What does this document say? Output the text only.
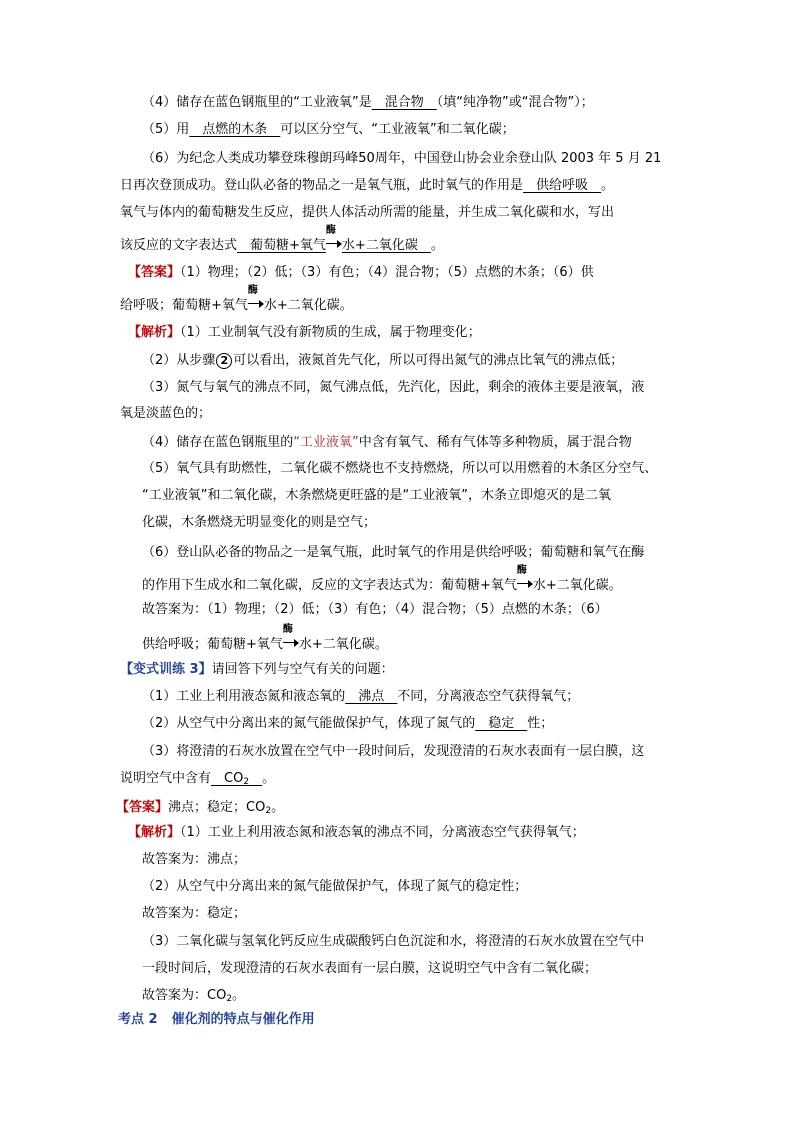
（4）储存在蓝色钢瓶里的“工业液氧”是　混合物　（填“纯净物”或“混合物”）；
（5）用　点燃的木条　可以区分空气、“工业液氧”和二氧化碳；
（6）为纪念人类成功攀登珠穆朗玛峰50周年，中国登山协会业余登山队 2003 年 5 月 21
日再次登顶成功。登山队必备的物品之一是氧气瓶，此时氧气的作用是　供给呼吸　。
氧气与体内的葡萄糖发生反应，提供人体活动所需的能量，并生成二氧化碳和水，写出
该反应的文字表达式　葡萄糖+氧气
酶
水+二氧化碳　。
【答案】（1）物理；（2）低；（3）有色；（4）混合物；（5）点燃的木条；（6）供
给呼吸；葡萄糖+氧气
酶
水+二氧化碳。
【解析】（1）工业制氧气没有新物质的生成，属于物理变化；
（2）从步骤 2 可以看出，液氮首先气化，所以可得出氮气的沸点比氧气的沸点低；
（3）氮气与氧气的沸点不同，氮气沸点低，先汽化，因此，剩余的液体主要是液氧，液
氧是淡蓝色的；
（4）储存在蓝色钢瓶里的“工业液氧”中含有氧气、稀有气体等多种物质，属于混合物
（5）氧气具有助燃性，二氧化碳不燃烧也不支持燃烧，所以可以用燃着的木条区分空气、
“工业液氧”和二氧化碳，木条燃烧更旺盛的是“工业液氧”，木条立即熄灭的是二氧
化碳，木条燃烧无明显变化的则是空气；
（6）登山队必备的物品之一是氧气瓶，此时氧气的作用是供给呼吸；葡萄糖和氧气在酶
的作用下生成水和二氧化碳，反应的文字表达式为：葡萄糖+氧气
酶
水+二氧化碳。
故答案为：（1）物理；（2）低；（3）有色；（4）混合物；（5）点燃的木条；（6）
供给呼吸；葡萄糖+氧气
酶
水+二氧化碳。
【变式训练 3】请回答下列与空气有关的问题：
（1）工业上利用液态氮和液态氧的　沸点　不同，分离液态空气获得氧气；
（2）从空气中分离出来的氮气能做保护气，体现了氮气的　稳定　性；
（3）将澄清的石灰水放置在空气中一段时间后，发现澄清的石灰水表面有一层白膜，这
说明空气中含有　$CO_2$　 。
【答案】沸点；稳定；$CO_2$。
【解析】（1）工业上利用液态氮和液态氧的沸点不同，分离液态空气获得氧气；
故答案为：沸点；
（2）从空气中分离出来的氮气能做保护气，体现了氮气的稳定性；
故答案为：稳定；
（3）二氧化碳与氢氧化钙反应生成碳酸钙白色沉淀和水，将澄清的石灰水放置在空气中
一段时间后，发现澄清的石灰水表面有一层白膜，这说明空气中含有二氧化碳；
故答案为：$CO_2$。
考点 2 催化剂的特点与催化作用
